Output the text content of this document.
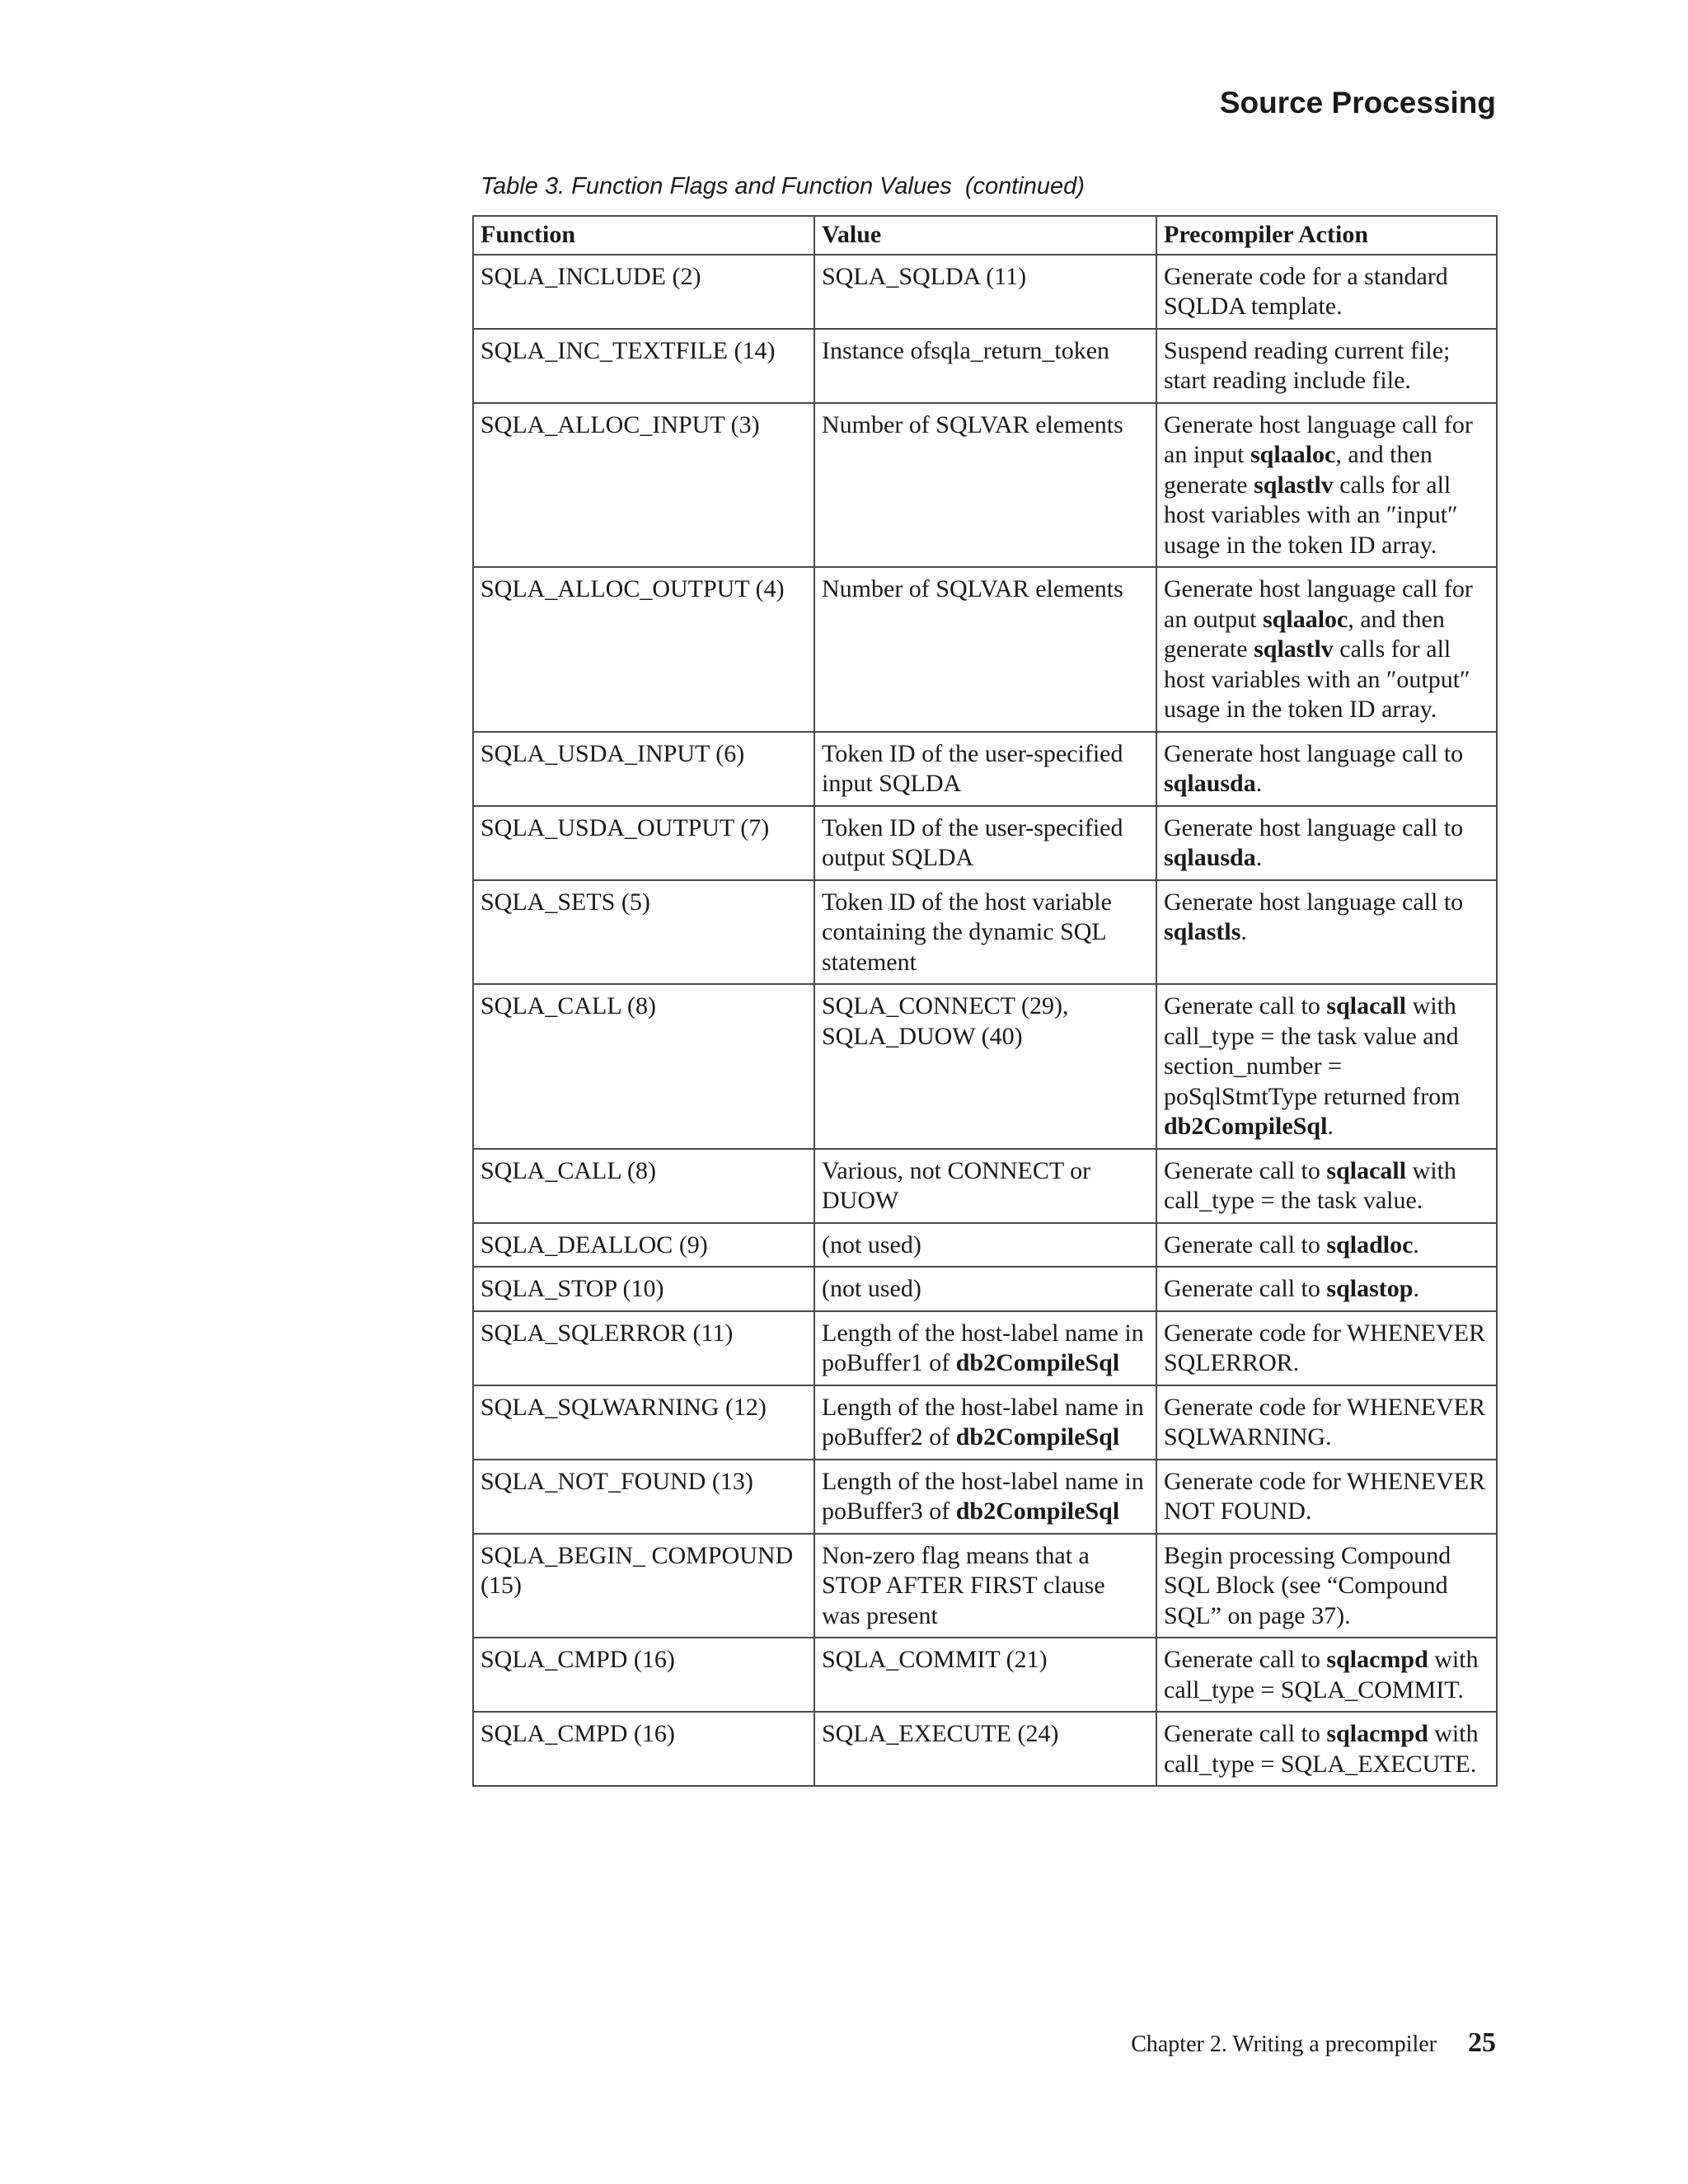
Source Processing
Table 3. Function Flags and Function Values  (continued)
Function	Value	Precompiler Action
SQLA_INCLUDE (2)	SQLA_SQLDA (11)	Generate code for a standard SQLDA template.
SQLA_INC_TEXTFILE (14)	Instance ofsqla_return_token	Suspend reading current file; start reading include file.
SQLA_ALLOC_INPUT (3)	Number of SQLVAR elements	Generate host language call for an input sqlaaloc, and then generate sqlastlv calls for all host variables with an ″input″ usage in the token ID array.
SQLA_ALLOC_OUTPUT (4)	Number of SQLVAR elements	Generate host language call for an output sqlaaloc, and then generate sqlastlv calls for all host variables with an ″output″ usage in the token ID array.
SQLA_USDA_INPUT (6)	Token ID of the user-specified input SQLDA	Generate host language call to sqlausda.
SQLA_USDA_OUTPUT (7)	Token ID of the user-specified output SQLDA	Generate host language call to sqlausda.
SQLA_SETS (5)	Token ID of the host variable containing the dynamic SQL statement	Generate host language call to sqlastls.
SQLA_CALL (8)	SQLA_CONNECT (29), SQLA_DUOW (40)	Generate call to sqlacall with call_type = the task value and section_number = poSqlStmtType returned from db2CompileSql.
SQLA_CALL (8)	Various, not CONNECT or DUOW	Generate call to sqlacall with call_type = the task value.
SQLA_DEALLOC (9)	(not used)	Generate call to sqladloc.
SQLA_STOP (10)	(not used)	Generate call to sqlastop.
SQLA_SQLERROR (11)	Length of the host-label name in poBuffer1 of db2CompileSql	Generate code for WHENEVER SQLERROR.
SQLA_SQLWARNING (12)	Length of the host-label name in poBuffer2 of db2CompileSql	Generate code for WHENEVER SQLWARNING.
SQLA_NOT_FOUND (13)	Length of the host-label name in poBuffer3 of db2CompileSql	Generate code for WHENEVER NOT FOUND.
SQLA_BEGIN_ COMPOUND (15)	Non-zero flag means that a STOP AFTER FIRST clause was present	Begin processing Compound SQL Block (see “Compound SQL” on page 37).
SQLA_CMPD (16)	SQLA_COMMIT (21)	Generate call to sqlacmpd with call_type = SQLA_COMMIT.
SQLA_CMPD (16)	SQLA_EXECUTE (24)	Generate call to sqlacmpd with call_type = SQLA_EXECUTE.
Chapter 2. Writing a precompiler 25
